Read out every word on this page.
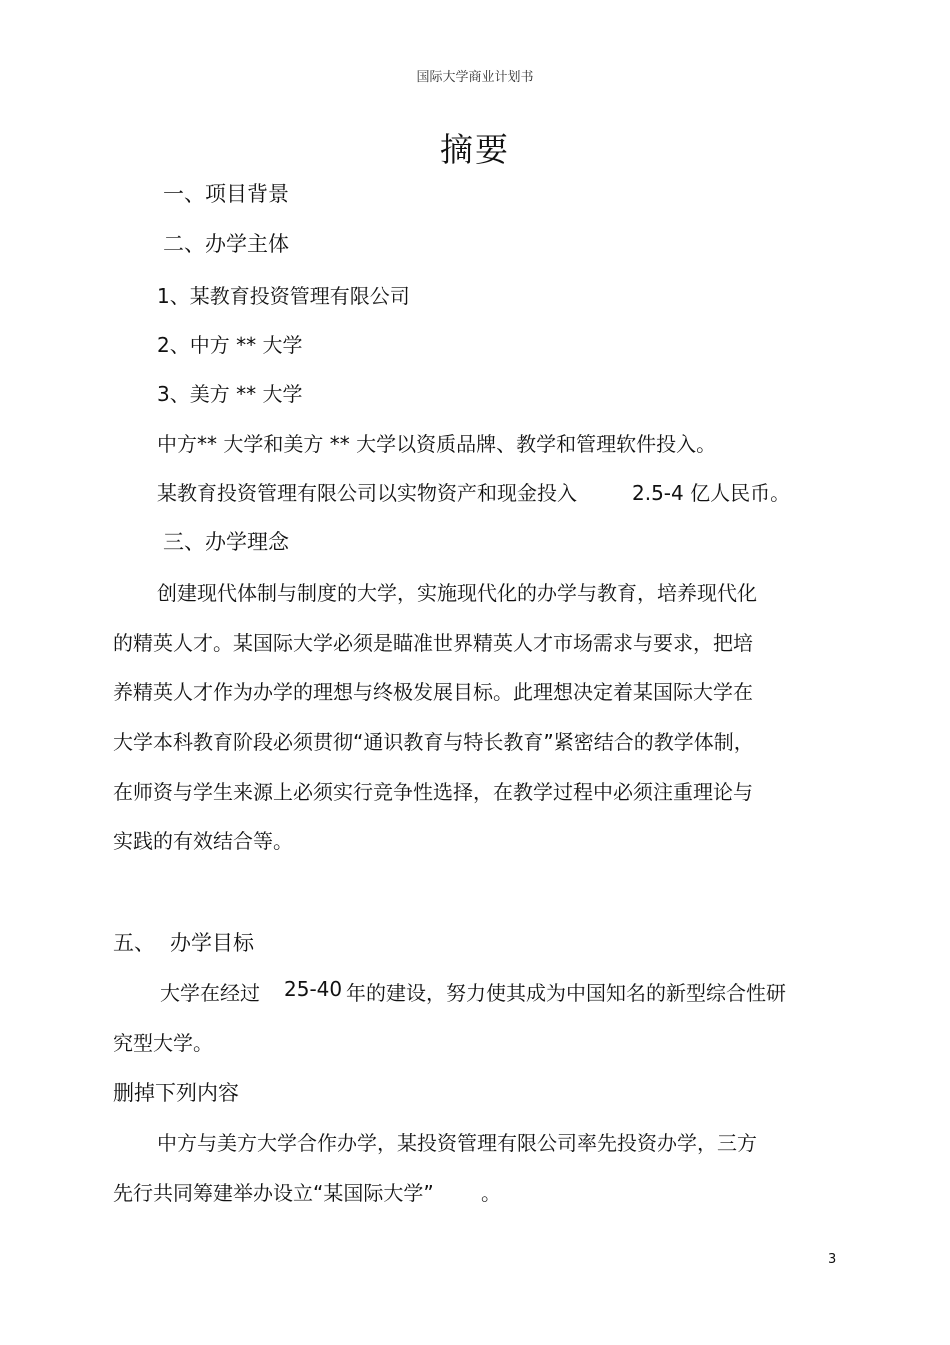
国际大学商业计划书
摘要
一、项目背景
二、办学主体
1、某教育投资管理有限公司
2、中方 ** 大学
3、美方 ** 大学
中方** 大学和美方 ** 大学以资质品牌、教学和管理软件投入。
某教育投资管理有限公司以实物资产和现金投入	2.5-4 亿人民币。
三、办学理念
创建现代体制与制度的大学，实施现代化的办学与教育，培养现代化
的精英人才。某国际大学必须是瞄准世界精英人才市场需求与要求，把培
养精英人才作为办学的理想与终极发展目标。此理想决定着某国际大学在
大学本科教育阶段必须贯彻“通识教育与特长教育”紧密结合的教学体制，
在师资与学生来源上必须实行竞争性选择，在教学过程中必须注重理论与
实践的有效结合等。
五、 办学目标
大学在经过 25-40 年的建设，努力使其成为中国知名的新型综合性研
究型大学。
删掉下列内容
中方与美方大学合作办学，某投资管理有限公司率先投资办学，三方
先行共同筹建举办设立“某国际大学” 。
3
